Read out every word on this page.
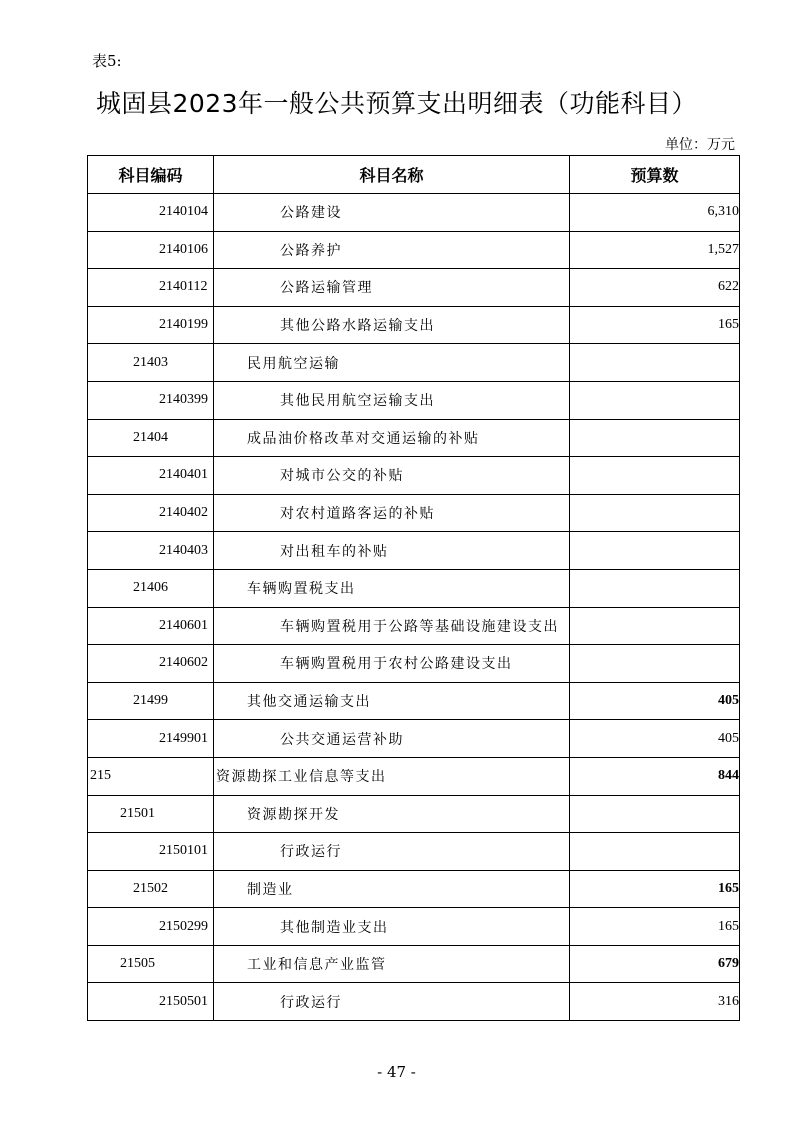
表5:
城固县2023年一般公共预算支出明细表（功能科目）
单位：万元
科目编码	科目名称	预算数
2140104	公路建设	6,310
2140106	公路养护	1,527
2140112	公路运输管理	622
2140199	其他公路水路运输支出	165
21403	民用航空运输	
2140399	其他民用航空运输支出	
21404	成品油价格改革对交通运输的补贴	
2140401	对城市公交的补贴	
2140402	对农村道路客运的补贴	
2140403	对出租车的补贴	
21406	车辆购置税支出	
2140601	车辆购置税用于公路等基础设施建设支出	
2140602	车辆购置税用于农村公路建设支出	
21499	其他交通运输支出	405
2149901	公共交通运营补助	405
215	资源勘探工业信息等支出	844
21501	资源勘探开发	
2150101	行政运行	
21502	制造业	165
2150299	其他制造业支出	165
21505	工业和信息产业监管	679
2150501	行政运行	316
- 47 -
